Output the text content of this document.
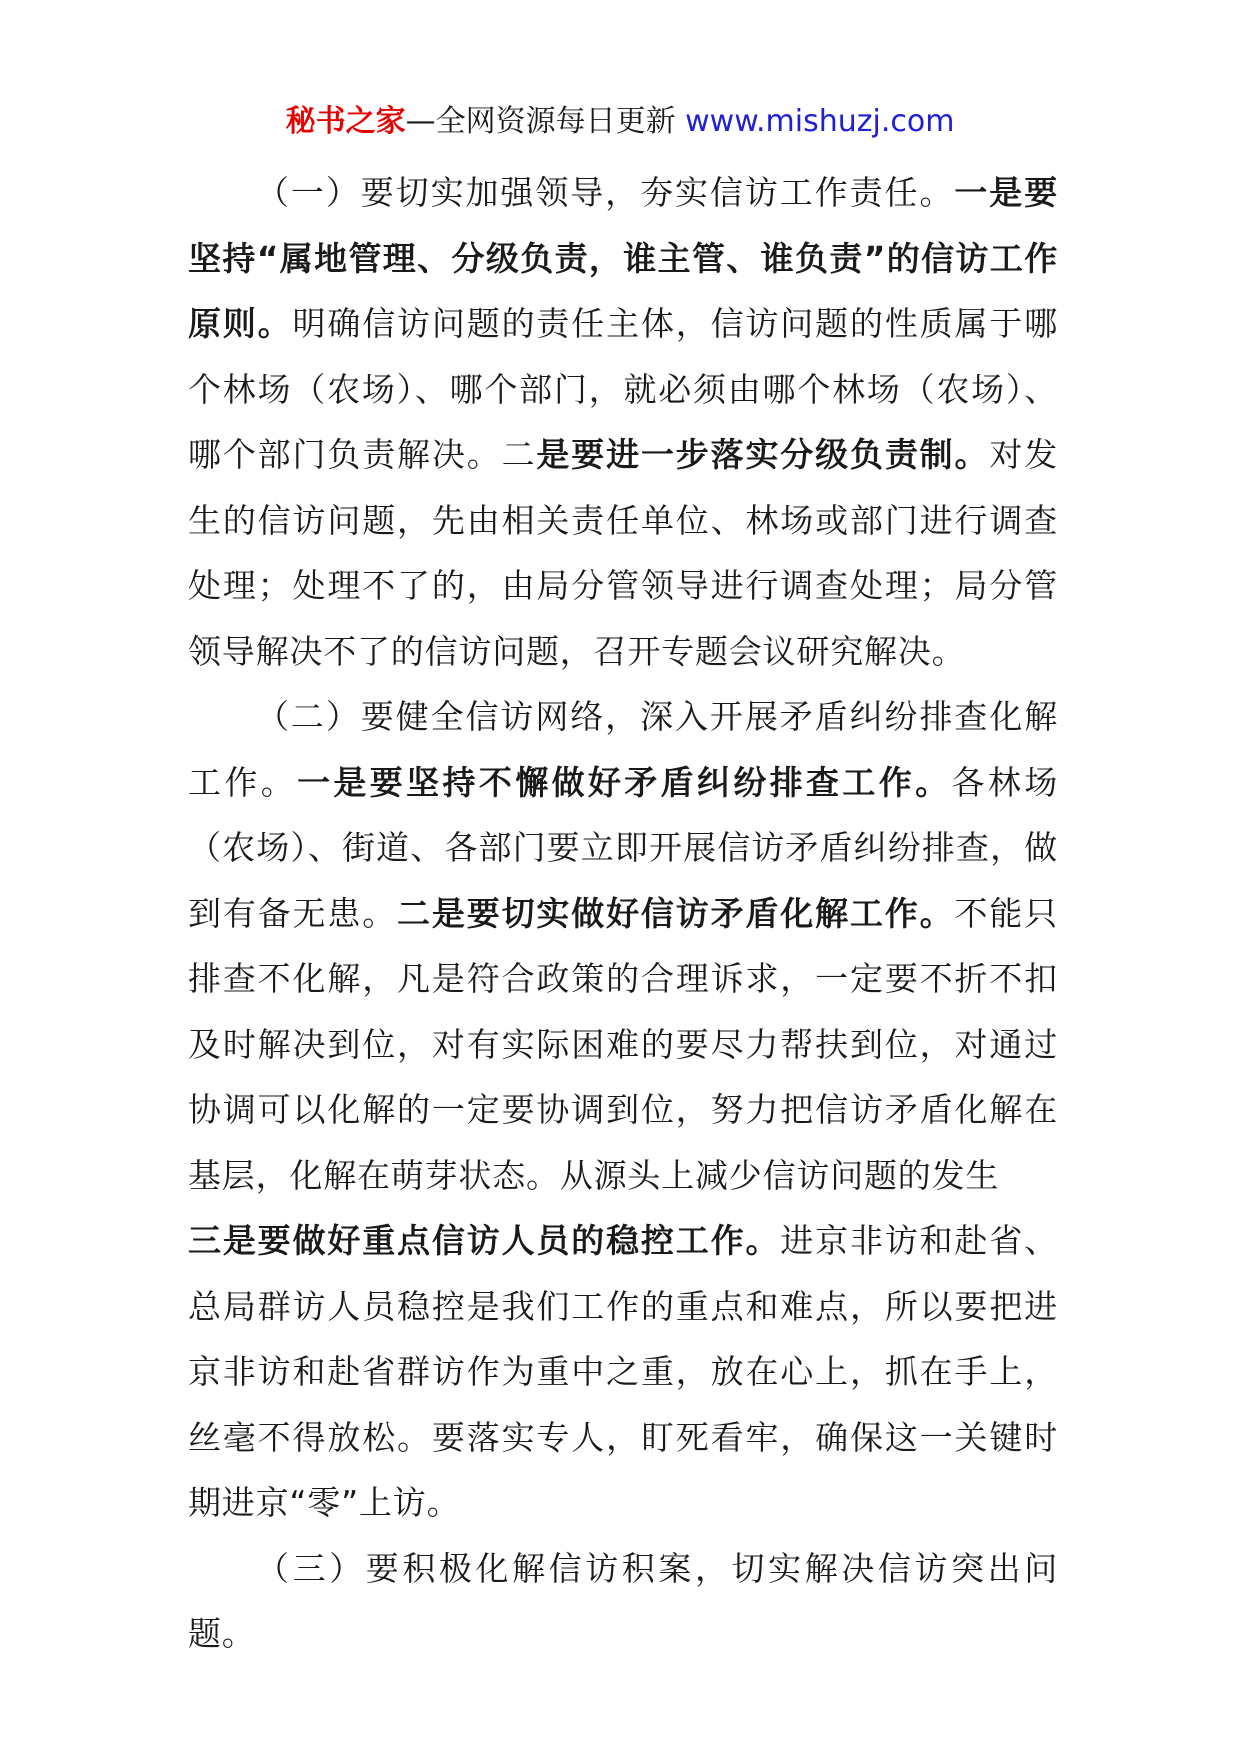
秘书之家—全网资源每日更新 www.mishuzj.com

（一）要切实加强领导，夯实信访工作责任。一是要坚持“属地管理、分级负责，谁主管、谁负责”的信访工作原则。明确信访问题的责任主体，信访问题的性质属于哪个林场（农场）、哪个部门，就必须由哪个林场（农场）、哪个部门负责解决。二是要进一步落实分级负责制。对发生的信访问题，先由相关责任单位、林场或部门进行调查处理；处理不了的，由局分管领导进行调查处理；局分管领导解决不了的信访问题，召开专题会议研究解决。

（二）要健全信访网络，深入开展矛盾纠纷排查化解工作。一是要坚持不懈做好矛盾纠纷排查工作。各林场（农场）、街道、各部门要立即开展信访矛盾纠纷排查，做到有备无患。二是要切实做好信访矛盾化解工作。不能只排查不化解，凡是符合政策的合理诉求，一定要不折不扣及时解决到位，对有实际困难的要尽力帮扶到位，对通过协调可以化解的一定要协调到位，努力把信访矛盾化解在基层，化解在萌芽状态。从源头上减少信访问题的发生

三是要做好重点信访人员的稳控工作。进京非访和赴省、总局群访人员稳控是我们工作的重点和难点，所以要把进京非访和赴省群访作为重中之重，放在心上，抓在手上，丝毫不得放松。要落实专人，盯死看牢，确保这一关键时期进京“零”上访。

（三）要积极化解信访积案，切实解决信访突出问题。
